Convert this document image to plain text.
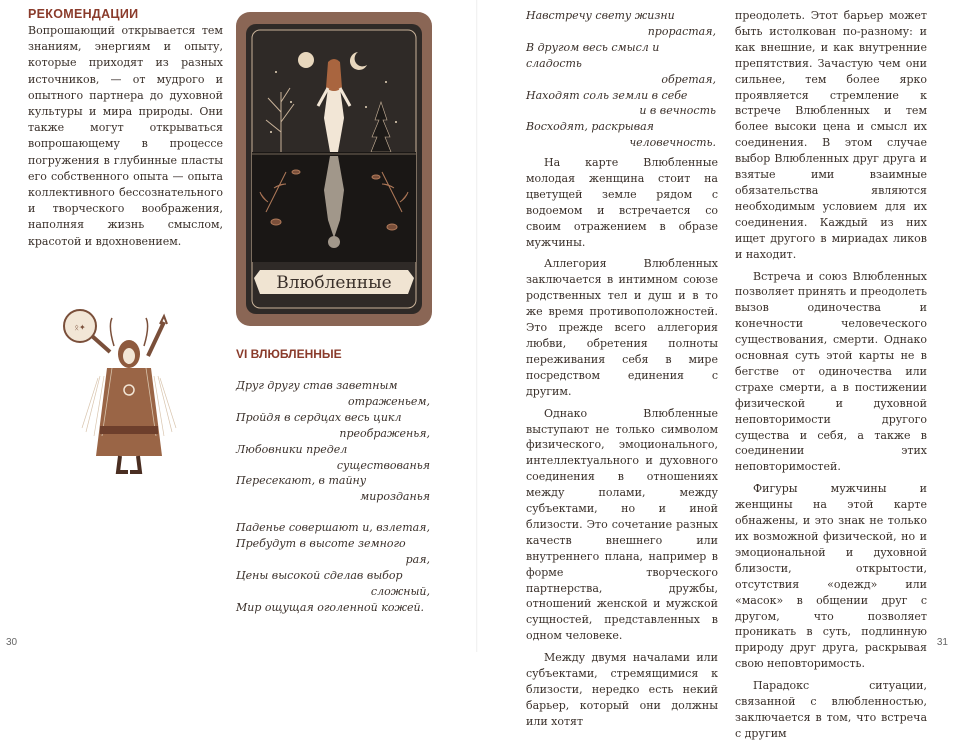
РЕКОМЕНДАЦИИ

Вопрошающий открывается тем знаниям, энергиям и опыту, которые приходят из разных источников, — от мудрого и опытного партнера до духовной культуры и мира природы. Они также могут открываться вопрошающему в процессе погружения в глубинные пласты его собственного опыта — опыта коллективного бессознательного и творческого воображения, наполняя жизнь смыслом, красотой и вдохновением.

Влюбленные
ᛟ✦
VI ВЛЮБЛЕННЫЕ
Друг другу став заветным
отраженьем,
Пройдя в сердцах весь цикл
преображенья,
Любовники предел
существованья
Пересекают, в тайну
мирозданья
Паденье совершают и, взлетая,
Пребудут в высоте земного
рая,
Цены высокой сделав выбор
сложный,
Мир ощущая оголенной кожей.
30
Навстречу свету жизни
прорастая,
В другом весь смысл и сладость
обретая,
Находят соль земли в себе
и в вечность
Восходят, раскрывая
человечность.

На карте Влюбленные молодая женщина стоит на цветущей земле рядом с водоемом и встречается со своим отражением в образе мужчины.

Аллегория Влюбленных заключается в интимном союзе родственных тел и душ и в то же время противоположностей. Это прежде всего аллегория любви, обретения полноты переживания себя в мире посредством единения с другим.

Однако Влюбленные выступают не только символом физического, эмоционального, интеллектуального и духовного соединения в отношениях между полами, между субъектами, но и иной близости. Это сочетание разных качеств внешнего или внутреннего плана, например в форме творческого партнерства, дружбы, отношений женской и мужской сущностей, представленных в одном человеке.

Между двумя началами или субъектами, стремящимися к близости, нередко есть некий барьер, который они должны или хотят

преодолеть. Этот барьер может быть истолкован по-разному: и как внешние, и как внутренние препятствия. Зачастую чем они сильнее, тем более ярко проявляется стремление к встрече Влюбленных и тем более высоки цена и смысл их соединения. В этом случае выбор Влюбленных друг друга и взятые ими взаимные обязательства являются необходимым условием для их соединения. Каждый из них ищет другого в мириадах ликов и находит.

Встреча и союз Влюбленных позволяет принять и преодолеть вызов одиночества и конечности человеческого существования, смерти. Однако основная суть этой карты не в бегстве от одиночества или страхе смерти, а в постижении физической и духовной неповторимости другого существа и себя, а также в соединении этих неповторимостей.

Фигуры мужчины и женщины на этой карте обнажены, и это знак не только их возможной физической, но и эмоциональной и духовной близости, открытости, отсутствия «одежд» или «масок» в общении друг с другом, что позволяет проникать в суть, подлинную природу друг друга, раскрывая свою неповторимость.

Парадокс ситуации, связанной с влюбленностью, заключается в том, что встреча с другим

31
